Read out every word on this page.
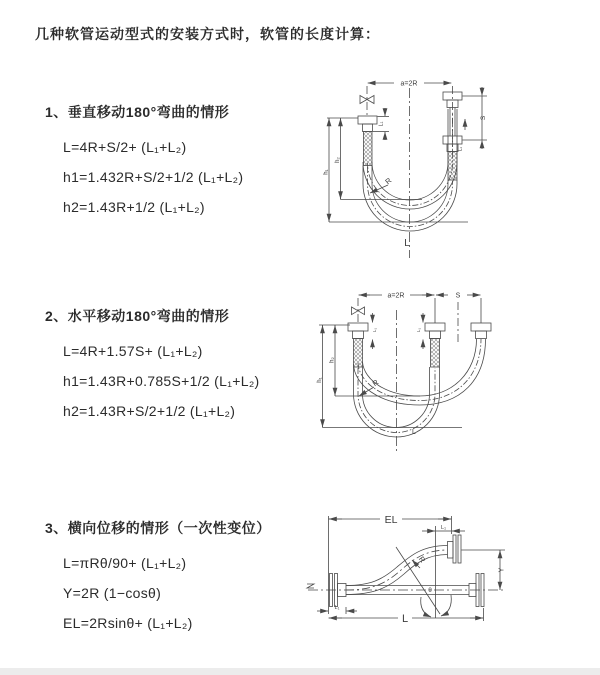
几种软管运动型式的安装方式时，软管的长度计算：

1、垂直移动180°弯曲的情形

L=4R+S/2+ (L₁+L₂)

h1=1.432R+S/2+1/2 (L₁+L₂)

h2=1.43R+1/2 (L₁+L₂)

2、水平移动180°弯曲的情形

L=4R+1.57S+ (L₁+L₂)

h1=1.43R+0.785S+1/2 (L₁+L₂)

h2=1.43R+S/2+1/2 (L₁+L₂)

3、横向位移的情形（一次性变位）

L=πRθ/90+ (L₁+L₂)

Y=2R (1−cosθ)

EL=2Rsinθ+ (L₁+L₂)

a=2R
L₁
S
L₁
h₂
h₁
R
L
a=2R	S
L₁	L₁
h₂
h₁	R
L
EL
L₁
Y
R
θ
L₁
L
